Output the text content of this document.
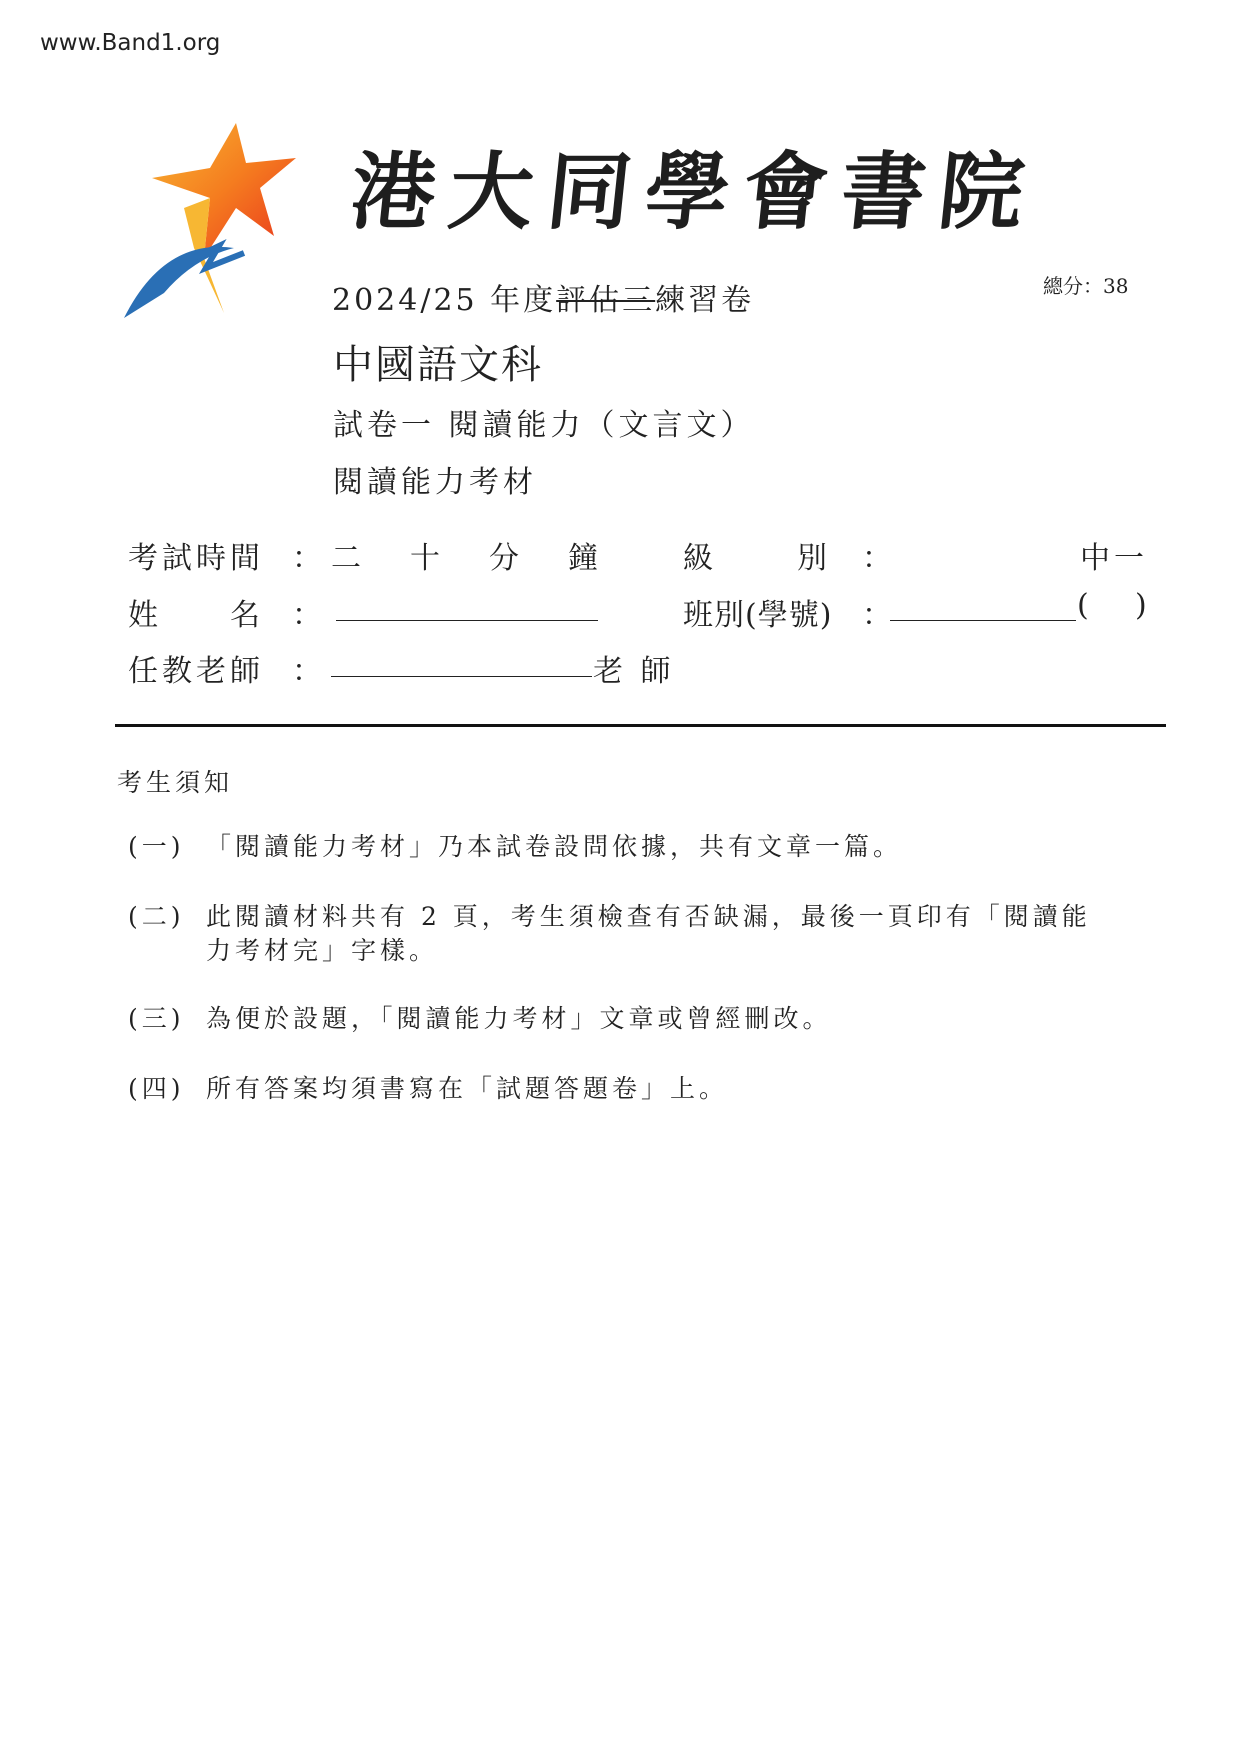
www.Band1.org
港大同學會書院
2024/25 年度評估三練習卷	總分：38
中國語文科
試卷一 閱讀能力（文言文）
閱讀能力考材
考試時間 ： 二 十 分 鐘	級　　別 ：	中一
姓　　名 ：	班別(學號) ：	( )
任教老師 ：	老 師
考生須知
(一) 「閱讀能力考材」乃本試卷設問依據，共有文章一篇。
(二) 此閱讀材料共有 2 頁，考生須檢查有否缺漏，最後一頁印有「閱讀能力考材完」字樣。
(三) 為便於設題，「閱讀能力考材」文章或曾經刪改。
(四) 所有答案均須書寫在「試題答題卷」上。
